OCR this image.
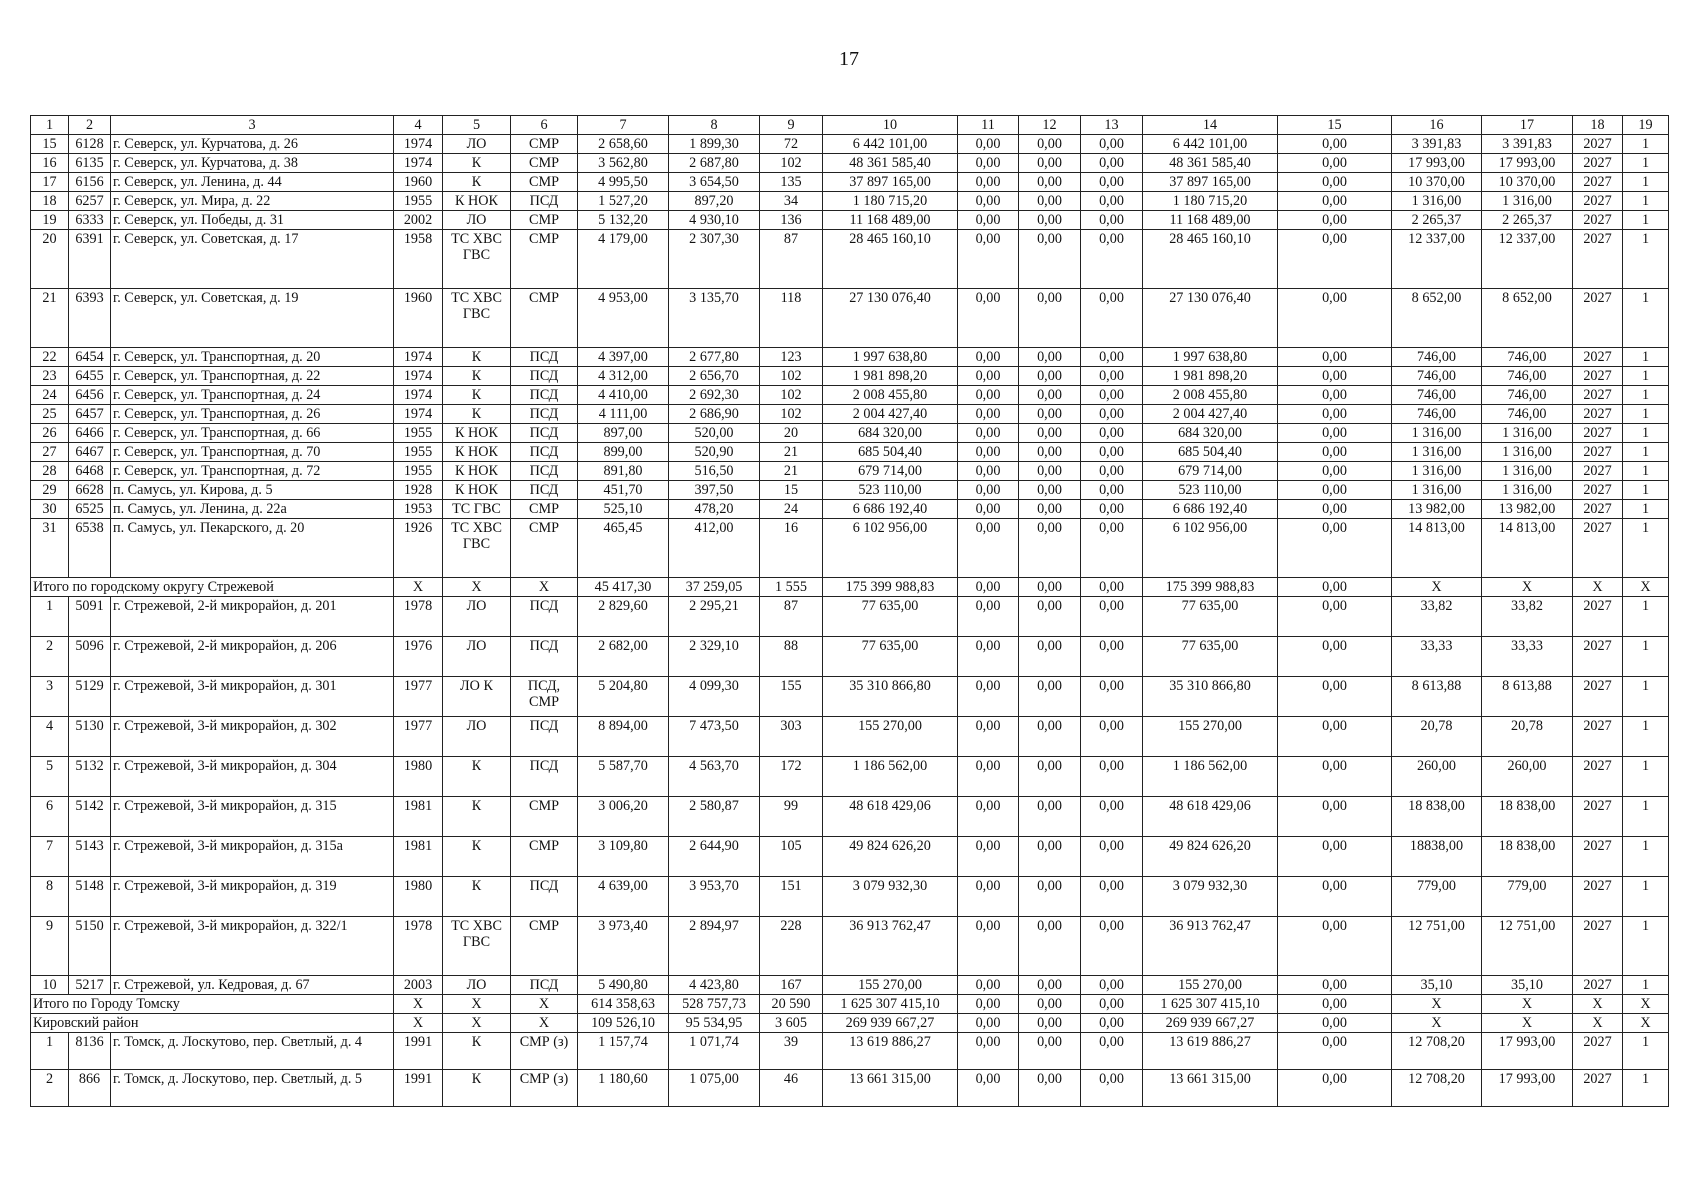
17
1	2	3	4	5	6	7	8	9	10	11	12	13	14	15	16	17	18	19
15	6128	г. Северск, ул. Курчатова, д. 26	1974	ЛО	СМР	2 658,60	1 899,30	72	6 442 101,00	0,00	0,00	0,00	6 442 101,00	0,00	3 391,83	3 391,83	2027	1
16	6135	г. Северск, ул. Курчатова, д. 38	1974	К	СМР	3 562,80	2 687,80	102	48 361 585,40	0,00	0,00	0,00	48 361 585,40	0,00	17 993,00	17 993,00	2027	1
17	6156	г. Северск, ул. Ленина, д. 44	1960	К	СМР	4 995,50	3 654,50	135	37 897 165,00	0,00	0,00	0,00	37 897 165,00	0,00	10 370,00	10 370,00	2027	1
18	6257	г. Северск, ул. Мира, д. 22	1955	К НОК	ПСД	1 527,20	897,20	34	1 180 715,20	0,00	0,00	0,00	1 180 715,20	0,00	1 316,00	1 316,00	2027	1
19	6333	г. Северск, ул. Победы, д. 31	2002	ЛО	СМР	5 132,20	4 930,10	136	11 168 489,00	0,00	0,00	0,00	11 168 489,00	0,00	2 265,37	2 265,37	2027	1
20	6391	г. Северск, ул. Советская, д. 17	1958	ТС ХВС ГВС	СМР	4 179,00	2 307,30	87	28 465 160,10	0,00	0,00	0,00	28 465 160,10	0,00	12 337,00	12 337,00	2027	1
21	6393	г. Северск, ул. Советская, д. 19	1960	ТС ХВС ГВС	СМР	4 953,00	3 135,70	118	27 130 076,40	0,00	0,00	0,00	27 130 076,40	0,00	8 652,00	8 652,00	2027	1
22	6454	г. Северск, ул. Транспортная, д. 20	1974	К	ПСД	4 397,00	2 677,80	123	1 997 638,80	0,00	0,00	0,00	1 997 638,80	0,00	746,00	746,00	2027	1
23	6455	г. Северск, ул. Транспортная, д. 22	1974	К	ПСД	4 312,00	2 656,70	102	1 981 898,20	0,00	0,00	0,00	1 981 898,20	0,00	746,00	746,00	2027	1
24	6456	г. Северск, ул. Транспортная, д. 24	1974	К	ПСД	4 410,00	2 692,30	102	2 008 455,80	0,00	0,00	0,00	2 008 455,80	0,00	746,00	746,00	2027	1
25	6457	г. Северск, ул. Транспортная, д. 26	1974	К	ПСД	4 111,00	2 686,90	102	2 004 427,40	0,00	0,00	0,00	2 004 427,40	0,00	746,00	746,00	2027	1
26	6466	г. Северск, ул. Транспортная, д. 66	1955	К НОК	ПСД	897,00	520,00	20	684 320,00	0,00	0,00	0,00	684 320,00	0,00	1 316,00	1 316,00	2027	1
27	6467	г. Северск, ул. Транспортная, д. 70	1955	К НОК	ПСД	899,00	520,90	21	685 504,40	0,00	0,00	0,00	685 504,40	0,00	1 316,00	1 316,00	2027	1
28	6468	г. Северск, ул. Транспортная, д. 72	1955	К НОК	ПСД	891,80	516,50	21	679 714,00	0,00	0,00	0,00	679 714,00	0,00	1 316,00	1 316,00	2027	1
29	6628	п. Самусь, ул. Кирова, д. 5	1928	К НОК	ПСД	451,70	397,50	15	523 110,00	0,00	0,00	0,00	523 110,00	0,00	1 316,00	1 316,00	2027	1
30	6525	п. Самусь, ул. Ленина, д. 22а	1953	ТС ГВС	СМР	525,10	478,20	24	6 686 192,40	0,00	0,00	0,00	6 686 192,40	0,00	13 982,00	13 982,00	2027	1
31	6538	п. Самусь, ул. Пекарского, д. 20	1926	ТС ХВС ГВС	СМР	465,45	412,00	16	6 102 956,00	0,00	0,00	0,00	6 102 956,00	0,00	14 813,00	14 813,00	2027	1
Итого по городскому округу Стрежевой			Х	Х	Х	45 417,30	37 259,05	1 555	175 399 988,83	0,00	0,00	0,00	175 399 988,83	0,00	Х	Х	Х	Х
1	5091	г. Стрежевой, 2-й микрорайон, д. 201	1978	ЛО	ПСД	2 829,60	2 295,21	87	77 635,00	0,00	0,00	0,00	77 635,00	0,00	33,82	33,82	2027	1
2	5096	г. Стрежевой, 2-й микрорайон, д. 206	1976	ЛО	ПСД	2 682,00	2 329,10	88	77 635,00	0,00	0,00	0,00	77 635,00	0,00	33,33	33,33	2027	1
3	5129	г. Стрежевой, 3-й микрорайон, д. 301	1977	ЛО К	ПСД, СМР	5 204,80	4 099,30	155	35 310 866,80	0,00	0,00	0,00	35 310 866,80	0,00	8 613,88	8 613,88	2027	1
4	5130	г. Стрежевой, 3-й микрорайон, д. 302	1977	ЛО	ПСД	8 894,00	7 473,50	303	155 270,00	0,00	0,00	0,00	155 270,00	0,00	20,78	20,78	2027	1
5	5132	г. Стрежевой, 3-й микрорайон, д. 304	1980	К	ПСД	5 587,70	4 563,70	172	1 186 562,00	0,00	0,00	0,00	1 186 562,00	0,00	260,00	260,00	2027	1
6	5142	г. Стрежевой, 3-й микрорайон, д. 315	1981	К	СМР	3 006,20	2 580,87	99	48 618 429,06	0,00	0,00	0,00	48 618 429,06	0,00	18 838,00	18 838,00	2027	1
7	5143	г. Стрежевой, 3-й микрорайон, д. 315а	1981	К	СМР	3 109,80	2 644,90	105	49 824 626,20	0,00	0,00	0,00	49 824 626,20	0,00	18838,00	18 838,00	2027	1
8	5148	г. Стрежевой, 3-й микрорайон, д. 319	1980	К	ПСД	4 639,00	3 953,70	151	3 079 932,30	0,00	0,00	0,00	3 079 932,30	0,00	779,00	779,00	2027	1
9	5150	г. Стрежевой, 3-й микрорайон, д. 322/1	1978	ТС ХВС ГВС	СМР	3 973,40	2 894,97	228	36 913 762,47	0,00	0,00	0,00	36 913 762,47	0,00	12 751,00	12 751,00	2027	1
10	5217	г. Стрежевой, ул. Кедровая, д. 67	2003	ЛО	ПСД	5 490,80	4 423,80	167	155 270,00	0,00	0,00	0,00	155 270,00	0,00	35,10	35,10	2027	1
Итого по Городу Томску			Х	Х	Х	614 358,63	528 757,73	20 590	1 625 307 415,10	0,00	0,00	0,00	1 625 307 415,10	0,00	Х	Х	Х	Х
Кировский район			Х	Х	Х	109 526,10	95 534,95	3 605	269 939 667,27	0,00	0,00	0,00	269 939 667,27	0,00	Х	Х	Х	Х
1	8136	г. Томск, д. Лоскутово, пер. Светлый, д. 4	1991	К	СМР (з)	1 157,74	1 071,74	39	13 619 886,27	0,00	0,00	0,00	13 619 886,27	0,00	12 708,20	17 993,00	2027	1
2	866	г. Томск, д. Лоскутово, пер. Светлый, д. 5	1991	К	СМР (з)	1 180,60	1 075,00	46	13 661 315,00	0,00	0,00	0,00	13 661 315,00	0,00	12 708,20	17 993,00	2027	1
